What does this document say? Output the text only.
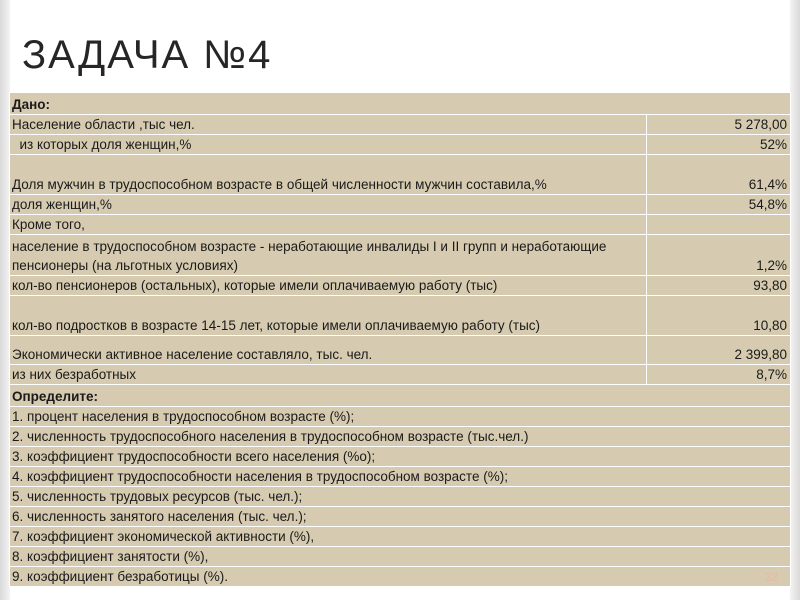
ЗАДАЧА №4
Дано:	
Население области ,тыс чел.	5 278,00
из которых доля женщин,%	52%
Доля мужчин в трудоспособном возрасте в общей численности мужчин составила,%	61,4%
доля женщин,%	54,8%
Кроме того,	
население в трудоспособном возрасте - неработающие инвалиды I и II групп и неработающие пенсионеры (на льготных условиях)	1,2%
кол-во пенсионеров (остальных), которые имели оплачиваемую работу (тыс)	93,80
кол-во подростков в возрасте 14-15 лет, которые имели оплачиваемую работу (тыс)	10,80
Экономически активное население составляло, тыс. чел.	2 399,80
из них безработных	8,7%
Определите:	
1. процент населения в трудоспособном возрасте (%);	
2. численность трудоспособного населения в трудоспособном возрасте (тыс.чел.)	
3. коэффициент трудоспособности всего населения (%о);	
4. коэффициент трудоспособности населения в трудоспособном возрасте (%);	
5. численность трудовых ресурсов (тыс. чел.);	
6. численность занятого населения (тыс. чел.);	
7. коэффициент экономической активности (%),	
8. коэффициент занятости (%),	
9. коэффициент безработицы (%).		32
